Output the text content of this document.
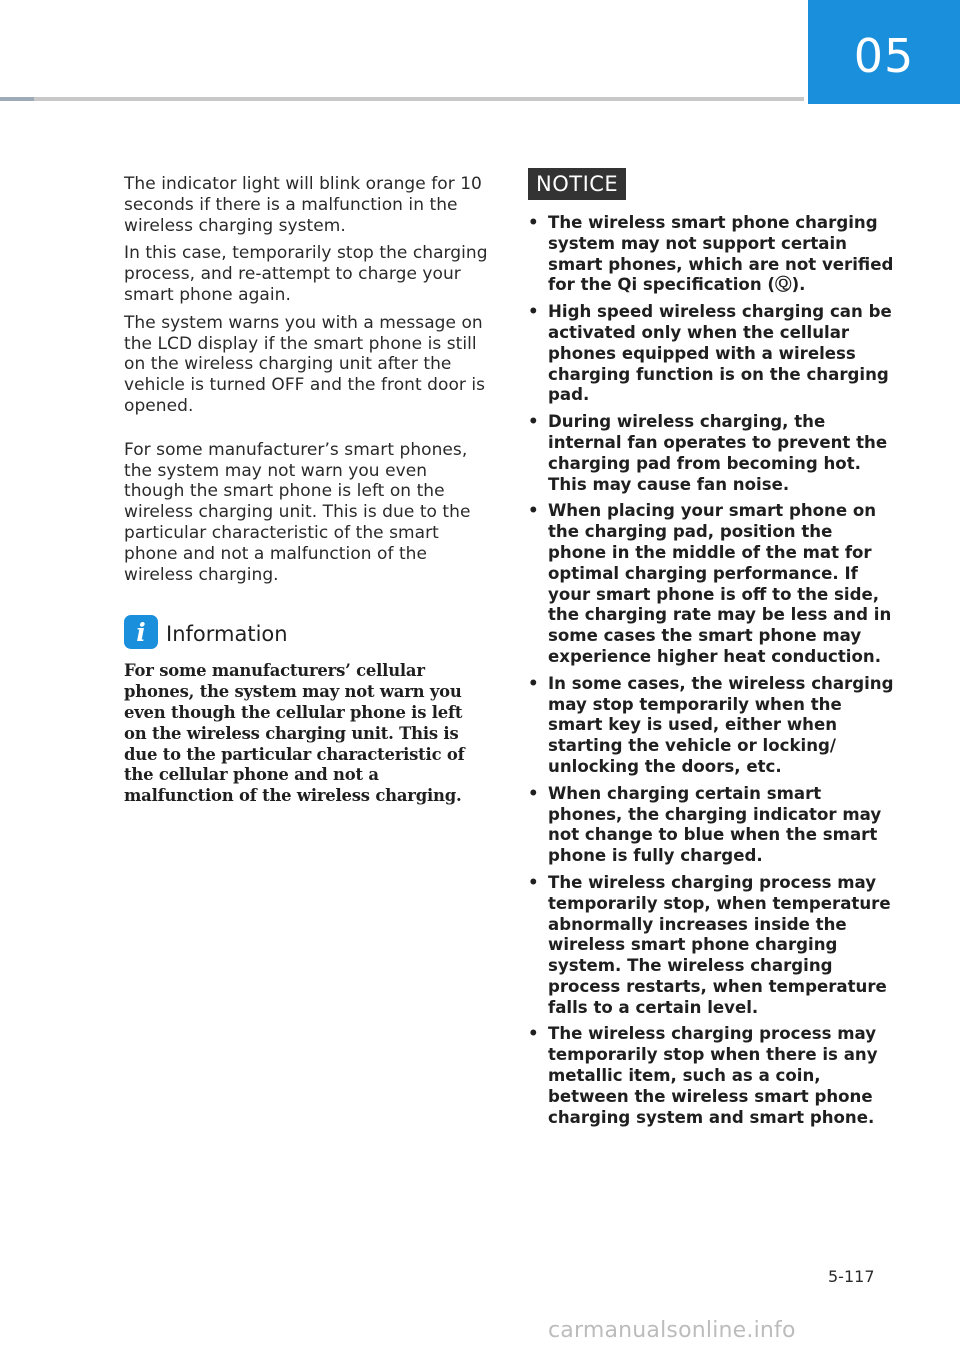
05

The indicator light will blink orange for 10 seconds if there is a malfunction in the wireless charging system.

In this case, temporarily stop the charging process, and re-attempt to charge your smart phone again.

The system warns you with a message on the LCD display if the smart phone is still on the wireless charging unit after the vehicle is turned OFF and the front door is opened.

For some manufacturer’s smart phones, the system may not warn you even though the smart phone is left on the wireless charging unit. This is due to the particular characteristic of the smart phone and not a malfunction of the wireless charging.

i Information

For some manufacturers’ cellular phones, the system may not warn you even though the cellular phone is left on the wireless charging unit. This is due to the particular characteristic of the cellular phone and not a malfunction of the wireless charging.

NOTICE
• The wireless smart phone charging system may not support certain smart phones, which are not verified for the Qi specification (Ⓠ).
• High speed wireless charging can be activated only when the cellular phones equipped with a wireless charging function is on the charging pad.
• During wireless charging, the internal fan operates to prevent the charging pad from becoming hot. This may cause fan noise.
• When placing your smart phone on the charging pad, position the phone in the middle of the mat for optimal charging performance. If your smart phone is off to the side, the charging rate may be less and in some cases the smart phone may experience higher heat conduction.
• In some cases, the wireless charging may stop temporarily when the smart key is used, either when starting the vehicle or locking/ unlocking the doors, etc.
• When charging certain smart phones, the charging indicator may not change to blue when the smart phone is fully charged.
• The wireless charging process may temporarily stop, when temperature abnormally increases inside the wireless smart phone charging system. The wireless charging process restarts, when temperature falls to a certain level.
• The wireless charging process may temporarily stop when there is any metallic item, such as a coin, between the wireless smart phone charging system and smart phone.
5-117
carmanualsonline.info
